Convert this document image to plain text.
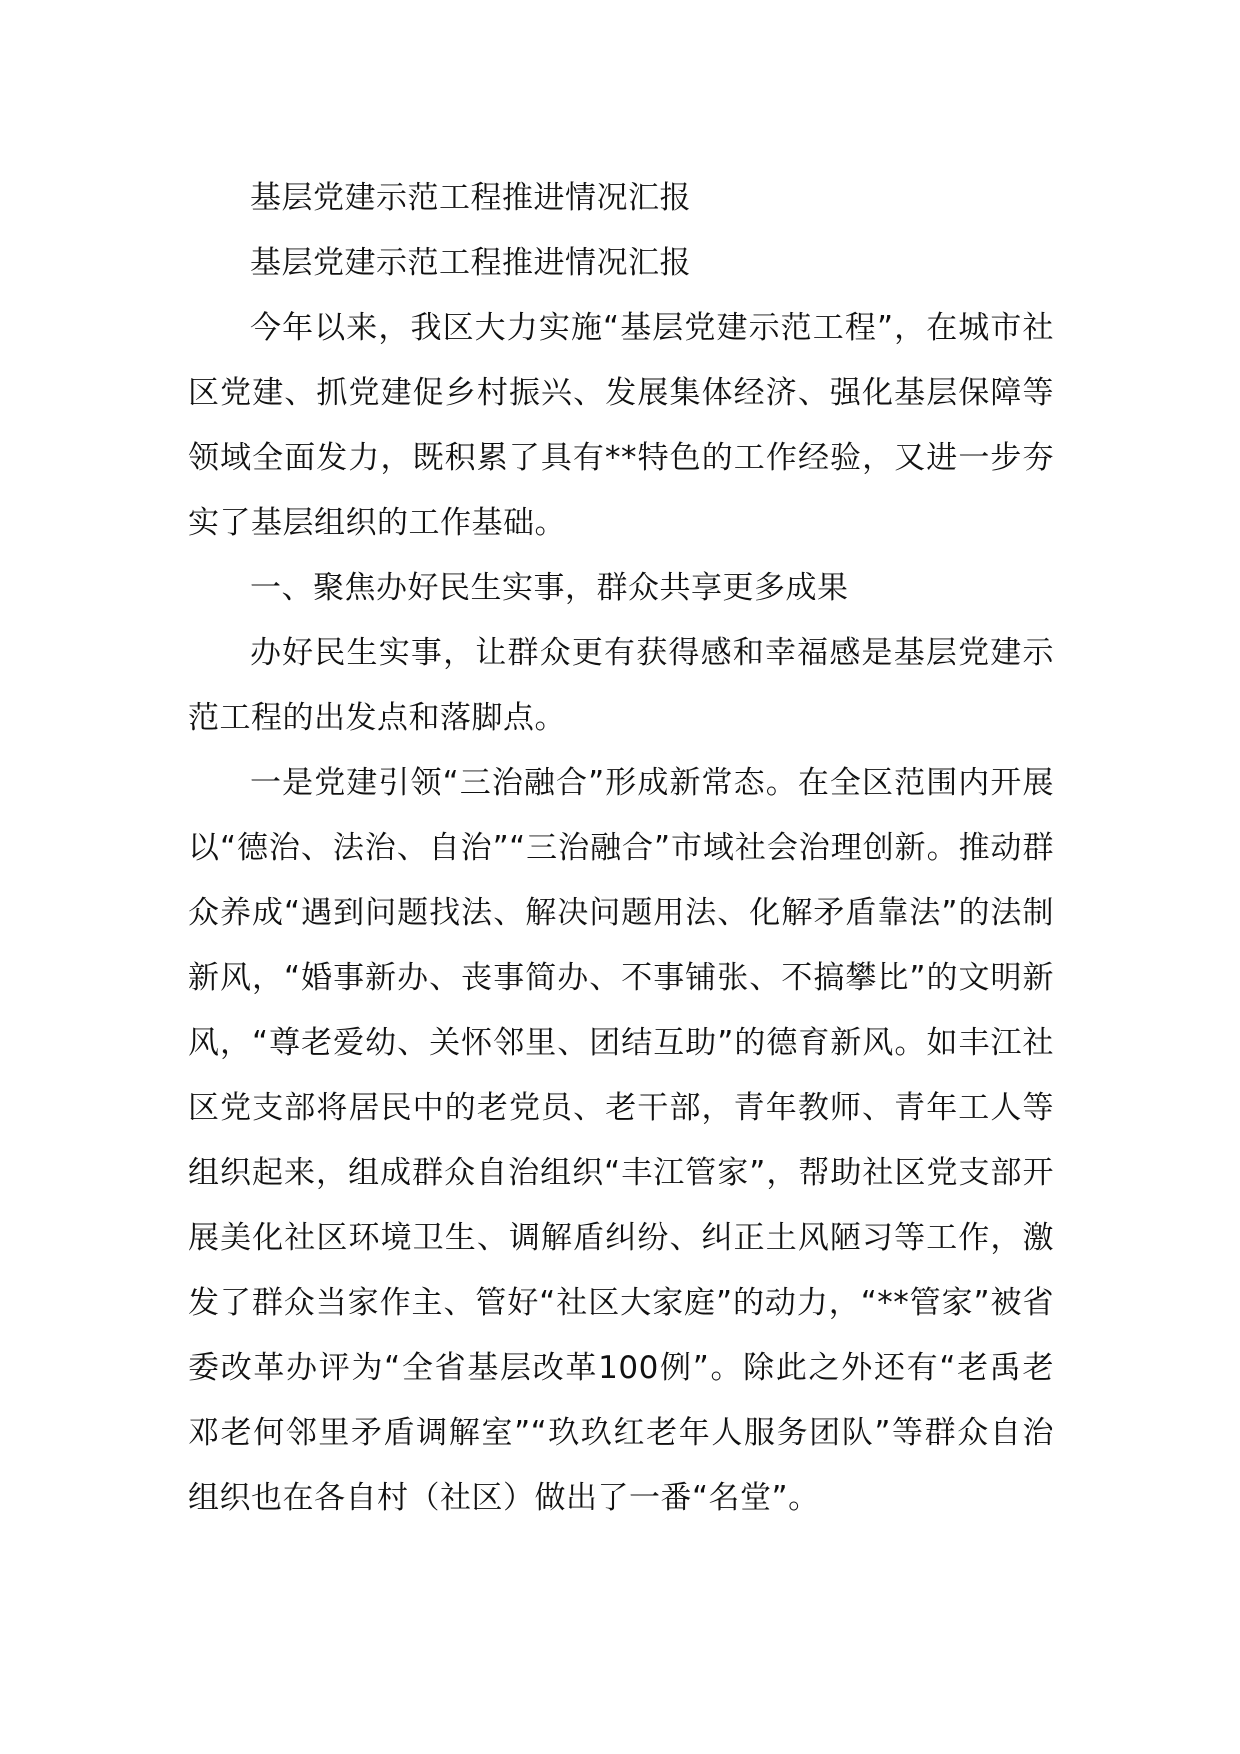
基层党建示范工程推进情况汇报

基层党建示范工程推进情况汇报

今年以来，我区大力实施“基层党建示范工程”，在城市社区党建、抓党建促乡村振兴、发展集体经济、强化基层保障等领域全面发力，既积累了具有**特色的工作经验，又进一步夯实了基层组织的工作基础。

一、聚焦办好民生实事，群众共享更多成果

办好民生实事，让群众更有获得感和幸福感是基层党建示范工程的出发点和落脚点。

一是党建引领“三治融合”形成新常态。在全区范围内开展以“德治、法治、自治”“三治融合”市域社会治理创新。推动群众养成“遇到问题找法、解决问题用法、化解矛盾靠法”的法制新风，“婚事新办、丧事简办、不事铺张、不搞攀比”的文明新风，“尊老爱幼、关怀邻里、团结互助”的德育新风。如丰江社区党支部将居民中的老党员、老干部，青年教师、青年工人等组织起来，组成群众自治组织“丰江管家”，帮助社区党支部开展美化社区环境卫生、调解盾纠纷、纠正土风陋习等工作，激发了群众当家作主、管好“社区大家庭”的动力，“**管家”被省委改革办评为“全省基层改革100例”。除此之外还有“老禹老邓老何邻里矛盾调解室”“玖玖红老年人服务团队”等群众自治组织也在各自村（社区）做出了一番“名堂”。
